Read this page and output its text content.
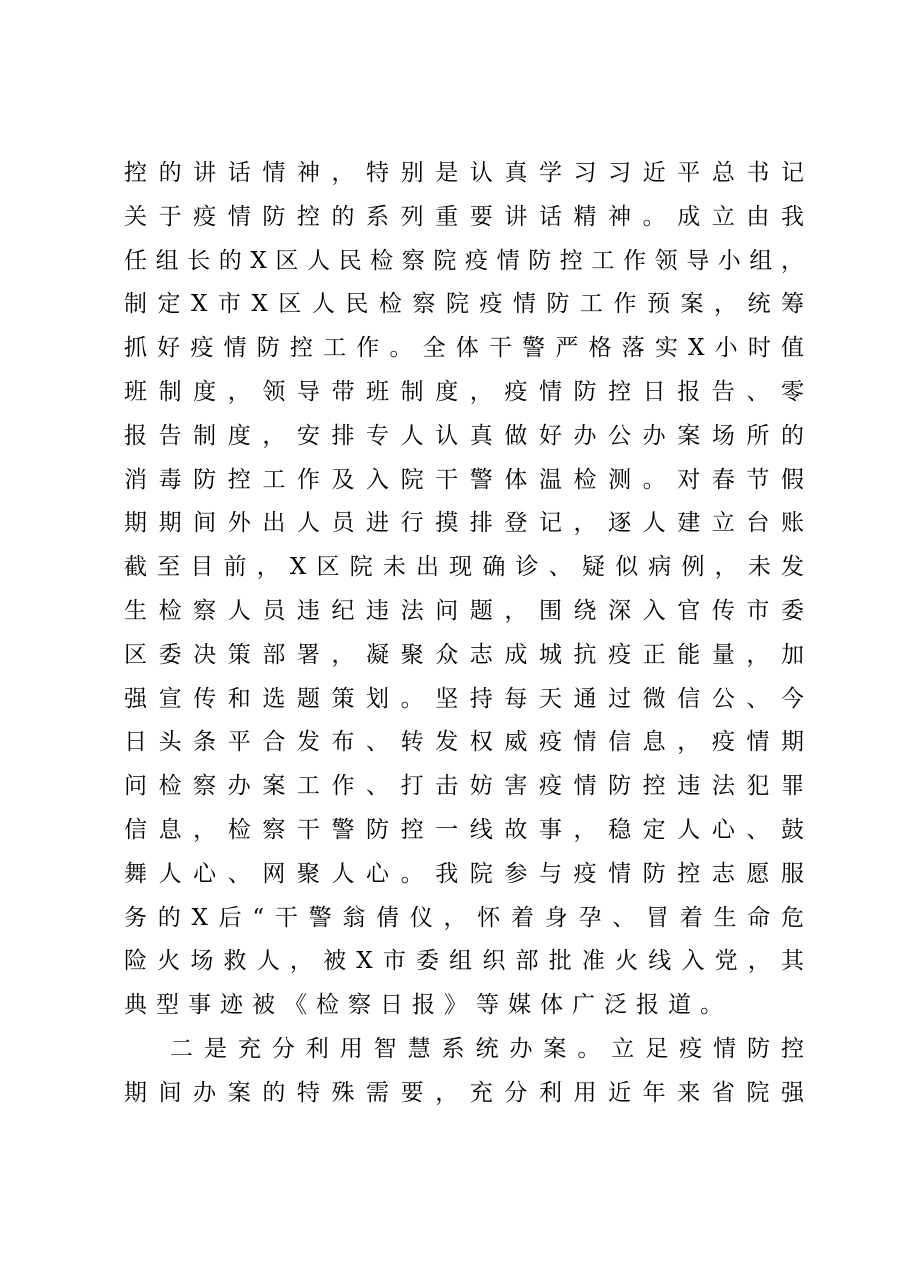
控的讲话情神，特别是认真学习习近平总书记
关于疫情防控的系列重要讲话精神。成立由我
任组长的X区人民检察院疫情防控工作领导小组，
制定X市X区人民检察院疫情防工作预案，统筹
抓好疫情防控工作。全体干警严格落实X小时值
班制度，领导带班制度，疫情防控日报告、零
报告制度，安排专人认真做好办公办案场所的
消毒防控工作及入院干警体温检测。对春节假
期期间外出人员进行摸排登记，逐人建立台账
截至目前，X区院未出现确诊、疑似病例，未发
生检察人员违纪违法问题，围绕深入官传市委
区委决策部署，凝聚众志成城抗疫正能量，加
强宣传和选题策划。坚持每天通过微信公、今
日头条平合发布、转发权威疫情信息，疫情期
问检察办案工作、打击妨害疫情防控违法犯罪
信息，检察干警防控一线故事，稳定人心、鼓
舞人心、网聚人心。我院参与疫情防控志愿服
务的X后“干警翁倩仪，怀着身孕、冒着生命危
险火场救人，被X市委组织部批准火线入党，其
典型事迹被《检察日报》等媒体广泛报道。
二是充分利用智慧系统办案。立足疫情防控
期间办案的特殊需要，充分利用近年来省院强
